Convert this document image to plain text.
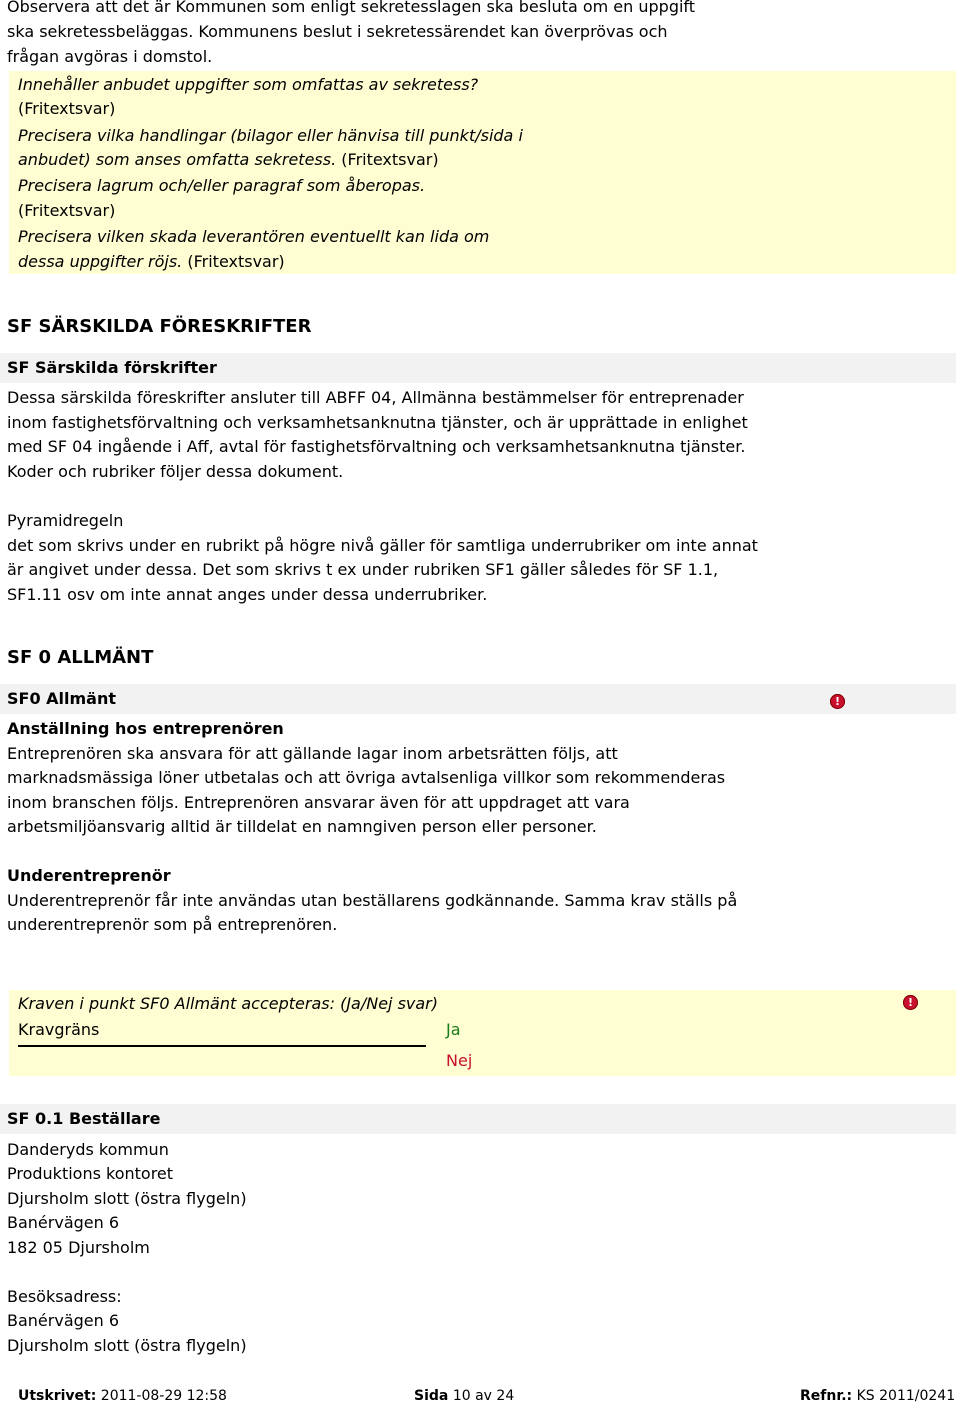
Observera att det är Kommunen som enligt sekretesslagen ska besluta om en uppgift
ska sekretessbeläggas. Kommunens beslut i sekretessärendet kan överprövas och
frågan avgöras i domstol.
Innehåller anbudet uppgifter som omfattas av sekretess?
(Fritextsvar)
Precisera vilka handlingar (bilagor eller hänvisa till punkt/sida i
anbudet) som anses omfatta sekretess. (Fritextsvar)
Precisera lagrum och/eller paragraf som åberopas.
(Fritextsvar)
Precisera vilken skada leverantören eventuellt kan lida om
dessa uppgifter röjs. (Fritextsvar)
SF SÄRSKILDA FÖRESKRIFTER
SF Särskilda förskrifter
Dessa särskilda föreskrifter ansluter till ABFF 04, Allmänna bestämmelser för entreprenader
inom fastighetsförvaltning och verksamhetsanknutna tjänster, och är upprättade in enlighet
med SF 04 ingående i Aff, avtal för fastighetsförvaltning och verksamhetsanknutna tjänster.
Koder och rubriker följer dessa dokument.
Pyramidregeln
det som skrivs under en rubrikt på högre nivå gäller för samtliga underrubriker om inte annat
är angivet under dessa. Det som skrivs t ex under rubriken SF1 gäller således för SF 1.1,
SF1.11 osv om inte annat anges under dessa underrubriker.
SF 0 ALLMÄNT
SF0 Allmänt	!
Anställning hos entreprenören
Entreprenören ska ansvara för att gällande lagar inom arbetsrätten följs, att
marknadsmässiga löner utbetalas och att övriga avtalsenliga villkor som rekommenderas
inom branschen följs. Entreprenören ansvarar även för att uppdraget att vara
arbetsmiljöansvarig alltid är tilldelat en namngiven person eller personer.
Underentreprenör
Underentreprenör får inte användas utan beställarens godkännande. Samma krav ställs på
underentreprenör som på entreprenören.
Kraven i punkt SF0 Allmänt accepteras: (Ja/Nej svar)	!
Kravgräns	Ja
Nej
SF 0.1 Beställare
Danderyds kommun
Produktions kontoret
Djursholm slott (östra flygeln)
Banérvägen 6
182 05 Djursholm
Besöksadress:
Banérvägen 6
Djursholm slott (östra flygeln)
Utskrivet: 2011-08-29 12:58	Sida 10 av 24	Refnr.: KS 2011/0241
